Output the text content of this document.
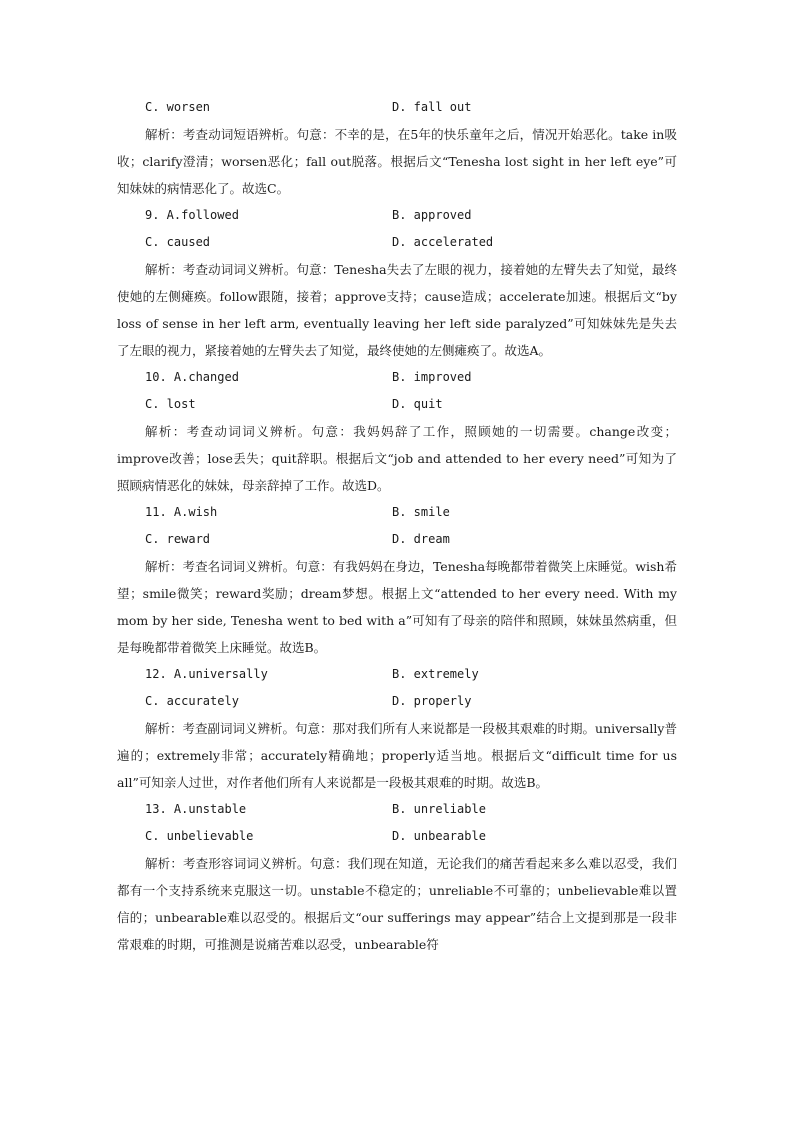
C. worsen	D. fall out
解析：考查动词短语辨析。句意：不幸的是，在5年的快乐童年之后，情况开始恶化。take in吸收；clarify澄清；worsen恶化；fall out脱落。根据后文“Tenesha lost sight in her left eye”可知妹妹的病情恶化了。故选C。
9. A.followed	B. approved
C. caused	D. accelerated
解析：考查动词词义辨析。句意：Tenesha失去了左眼的视力，接着她的左臂失去了知觉，最终使她的左侧瘫痪。follow跟随，接着；approve支持；cause造成；accelerate加速。根据后文“by loss of sense in her left arm, eventually leaving her left side paralyzed”可知妹妹先是失去了左眼的视力，紧接着她的左臂失去了知觉，最终使她的左侧瘫痪了。故选A。
10. A.changed	B. improved
C. lost	D. quit
解析：考查动词词义辨析。句意：我妈妈辞了工作，照顾她的一切需要。change改变；improve改善；lose丢失；quit辞职。根据后文“job and attended to her every need”可知为了照顾病情恶化的妹妹，母亲辞掉了工作。故选D。
11. A.wish	B. smile
C. reward	D. dream
解析：考查名词词义辨析。句意：有我妈妈在身边，Tenesha每晚都带着微笑上床睡觉。wish希望；smile微笑；reward奖励；dream梦想。根据上文“attended to her every need. With my mom by her side, Tenesha went to bed with a”可知有了母亲的陪伴和照顾，妹妹虽然病重，但是每晚都带着微笑上床睡觉。故选B。
12. A.universally	B. extremely
C. accurately	D. properly
解析：考查副词词义辨析。句意：那对我们所有人来说都是一段极其艰难的时期。universally普遍的；extremely非常；accurately精确地；properly适当地。根据后文“difficult time for us all”可知亲人过世，对作者他们所有人来说都是一段极其艰难的时期。故选B。
13. A.unstable	B. unreliable
C. unbelievable	D. unbearable
解析：考查形容词词义辨析。句意：我们现在知道，无论我们的痛苦看起来多么难以忍受，我们都有一个支持系统来克服这一切。unstable不稳定的；unreliable不可靠的；unbelievable难以置信的；unbearable难以忍受的。根据后文“our sufferings may appear”结合上文提到那是一段非常艰难的时期，可推测是说痛苦难以忍受，unbearable符
